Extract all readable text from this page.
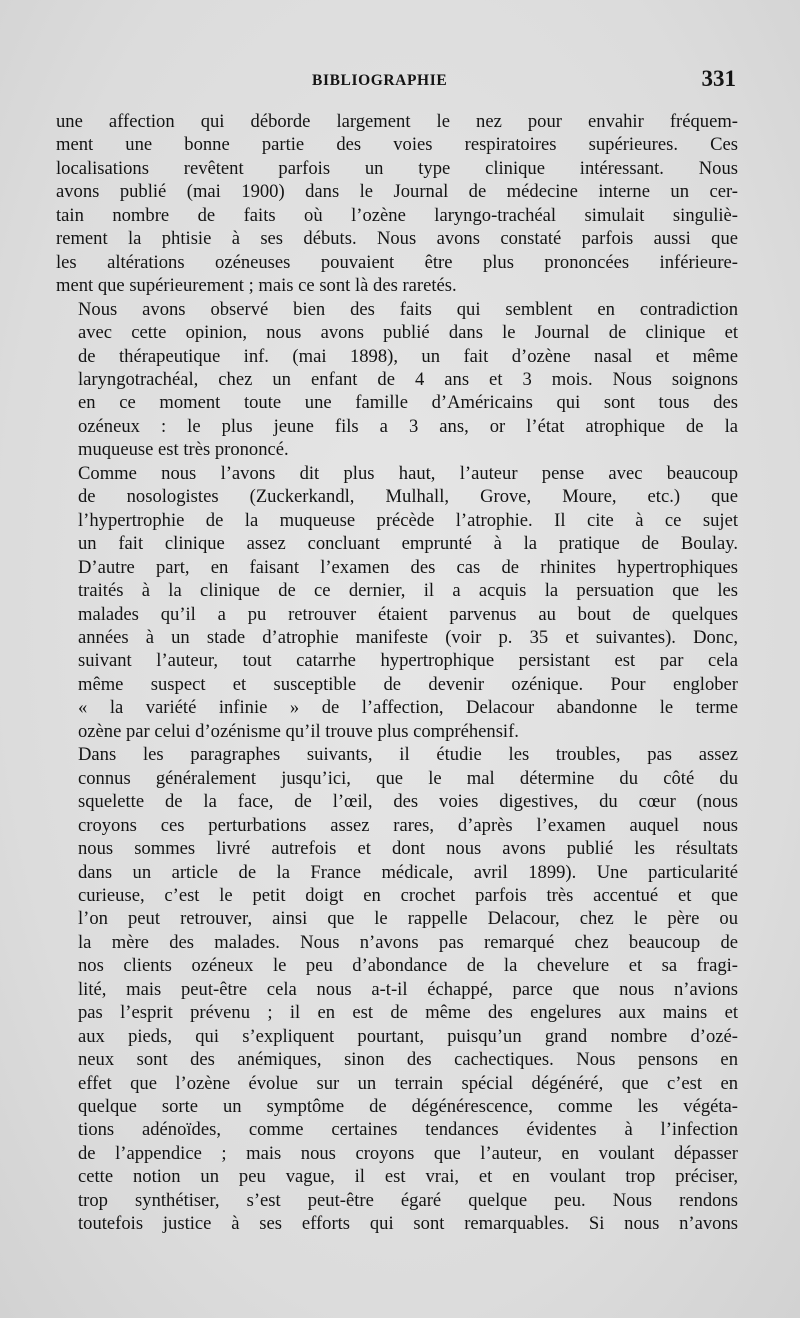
BIBLIOGRAPHIE	331

une affection qui déborde largement le nez pour envahir fréquem-
ment une bonne partie des voies respiratoires supérieures. Ces
localisations revêtent parfois un type clinique intéressant. Nous
avons publié (mai 1900) dans le Journal de médecine interne un cer-
tain nombre de faits où l’ozène laryngo-trachéal simulait singuliè-
rement la phtisie à ses débuts. Nous avons constaté parfois aussi que
les altérations ozéneuses pouvaient être plus prononcées inférieure-
ment que supérieurement ; mais ce sont là des raretés.

Nous avons observé bien des faits qui semblent en contradiction
avec cette opinion, nous avons publié dans le Journal de clinique et
de thérapeutique inf. (mai 1898), un fait d’ozène nasal et même
laryngotrachéal, chez un enfant de 4 ans et 3 mois. Nous soignons
en ce moment toute une famille d’Américains qui sont tous des
ozéneux : le plus jeune fils a 3 ans, or l’état atrophique de la
muqueuse est très prononcé.

Comme nous l’avons dit plus haut, l’auteur pense avec beaucoup
de nosologistes (Zuckerkandl, Mulhall, Grove, Moure, etc.) que
l’hypertrophie de la muqueuse précède l’atrophie. Il cite à ce sujet
un fait clinique assez concluant emprunté à la pratique de Boulay.
D’autre part, en faisant l’examen des cas de rhinites hypertrophiques
traités à la clinique de ce dernier, il a acquis la persuation que les
malades qu’il a pu retrouver étaient parvenus au bout de quelques
années à un stade d’atrophie manifeste (voir p. 35 et suivantes). Donc,
suivant l’auteur, tout catarrhe hypertrophique persistant est par cela
même suspect et susceptible de devenir ozénique. Pour englober
« la variété infinie » de l’affection, Delacour abandonne le terme
ozène par celui d’ozénisme qu’il trouve plus compréhensif.

Dans les paragraphes suivants, il étudie les troubles, pas assez
connus généralement jusqu’ici, que le mal détermine du côté du
squelette de la face, de l’œil, des voies digestives, du cœur (nous
croyons ces perturbations assez rares, d’après l’examen auquel nous
nous sommes livré autrefois et dont nous avons publié les résultats
dans un article de la France médicale, avril 1899). Une particularité
curieuse, c’est le petit doigt en crochet parfois très accentué et que
l’on peut retrouver, ainsi que le rappelle Delacour, chez le père ou
la mère des malades. Nous n’avons pas remarqué chez beaucoup de
nos clients ozéneux le peu d’abondance de la chevelure et sa fragi-
lité, mais peut-être cela nous a-t-il échappé, parce que nous n’avions
pas l’esprit prévenu ; il en est de même des engelures aux mains et
aux pieds, qui s’expliquent pourtant, puisqu’un grand nombre d’ozé-
neux sont des anémiques, sinon des cachectiques. Nous pensons en
effet que l’ozène évolue sur un terrain spécial dégénéré, que c’est en
quelque sorte un symptôme de dégénérescence, comme les végéta-
tions adénoïdes, comme certaines tendances évidentes à l’infection
de l’appendice ; mais nous croyons que l’auteur, en voulant dépasser
cette notion un peu vague, il est vrai, et en voulant trop préciser,
trop synthétiser, s’est peut-être égaré quelque peu. Nous rendons
toutefois justice à ses efforts qui sont remarquables. Si nous n’avons
